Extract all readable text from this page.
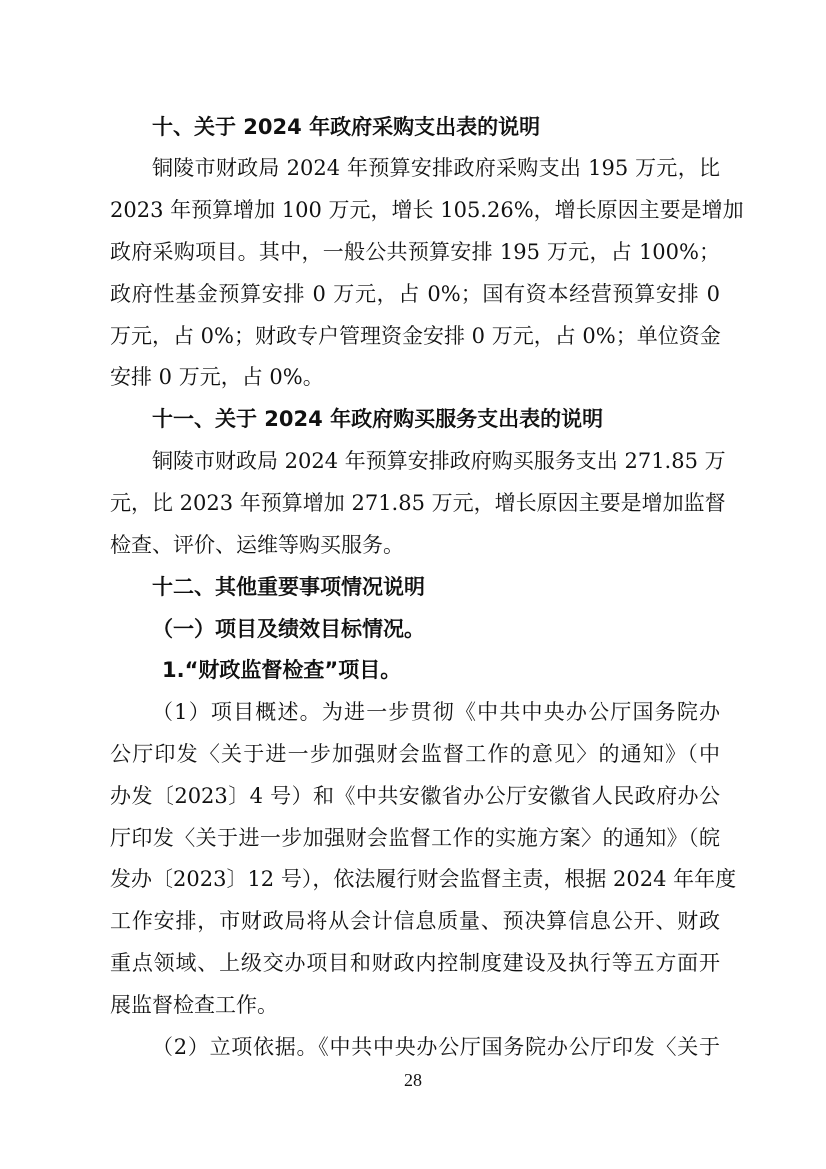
十、关于 2024 年政府采购支出表的说明
铜陵市财政局 2024 年预算安排政府采购支出 195 万元，比
2023 年预算增加 100 万元，增长 105.26%，增长原因主要是增加
政府采购项目。其中，一般公共预算安排 195 万元，占 100%；
政府性基金预算安排 0 万元，占 0%；国有资本经营预算安排 0
万元，占 0%；财政专户管理资金安排 0 万元，占 0%；单位资金
安排 0 万元，占 0%。
十一、关于 2024 年政府购买服务支出表的说明
铜陵市财政局 2024 年预算安排政府购买服务支出 271.85 万
元，比 2023 年预算增加 271.85 万元，增长原因主要是增加监督
检查、评价、运维等购买服务。
十二、其他重要事项情况说明
（一）项目及绩效目标情况。
1.“财政监督检查”项目。
（1）项目概述。为进一步贯彻《中共中央办公厅国务院办
公厅印发〈关于进一步加强财会监督工作的意见〉的通知》（中
办发〔2023〕4 号）和《中共安徽省办公厅安徽省人民政府办公
厅印发〈关于进一步加强财会监督工作的实施方案〉的通知》（皖
发办〔2023〕12 号），依法履行财会监督主责，根据 2024 年年度
工作安排，市财政局将从会计信息质量、预决算信息公开、财政
重点领域、上级交办项目和财政内控制度建设及执行等五方面开
展监督检查工作。
（2）立项依据。《中共中央办公厅国务院办公厅印发〈关于
28
